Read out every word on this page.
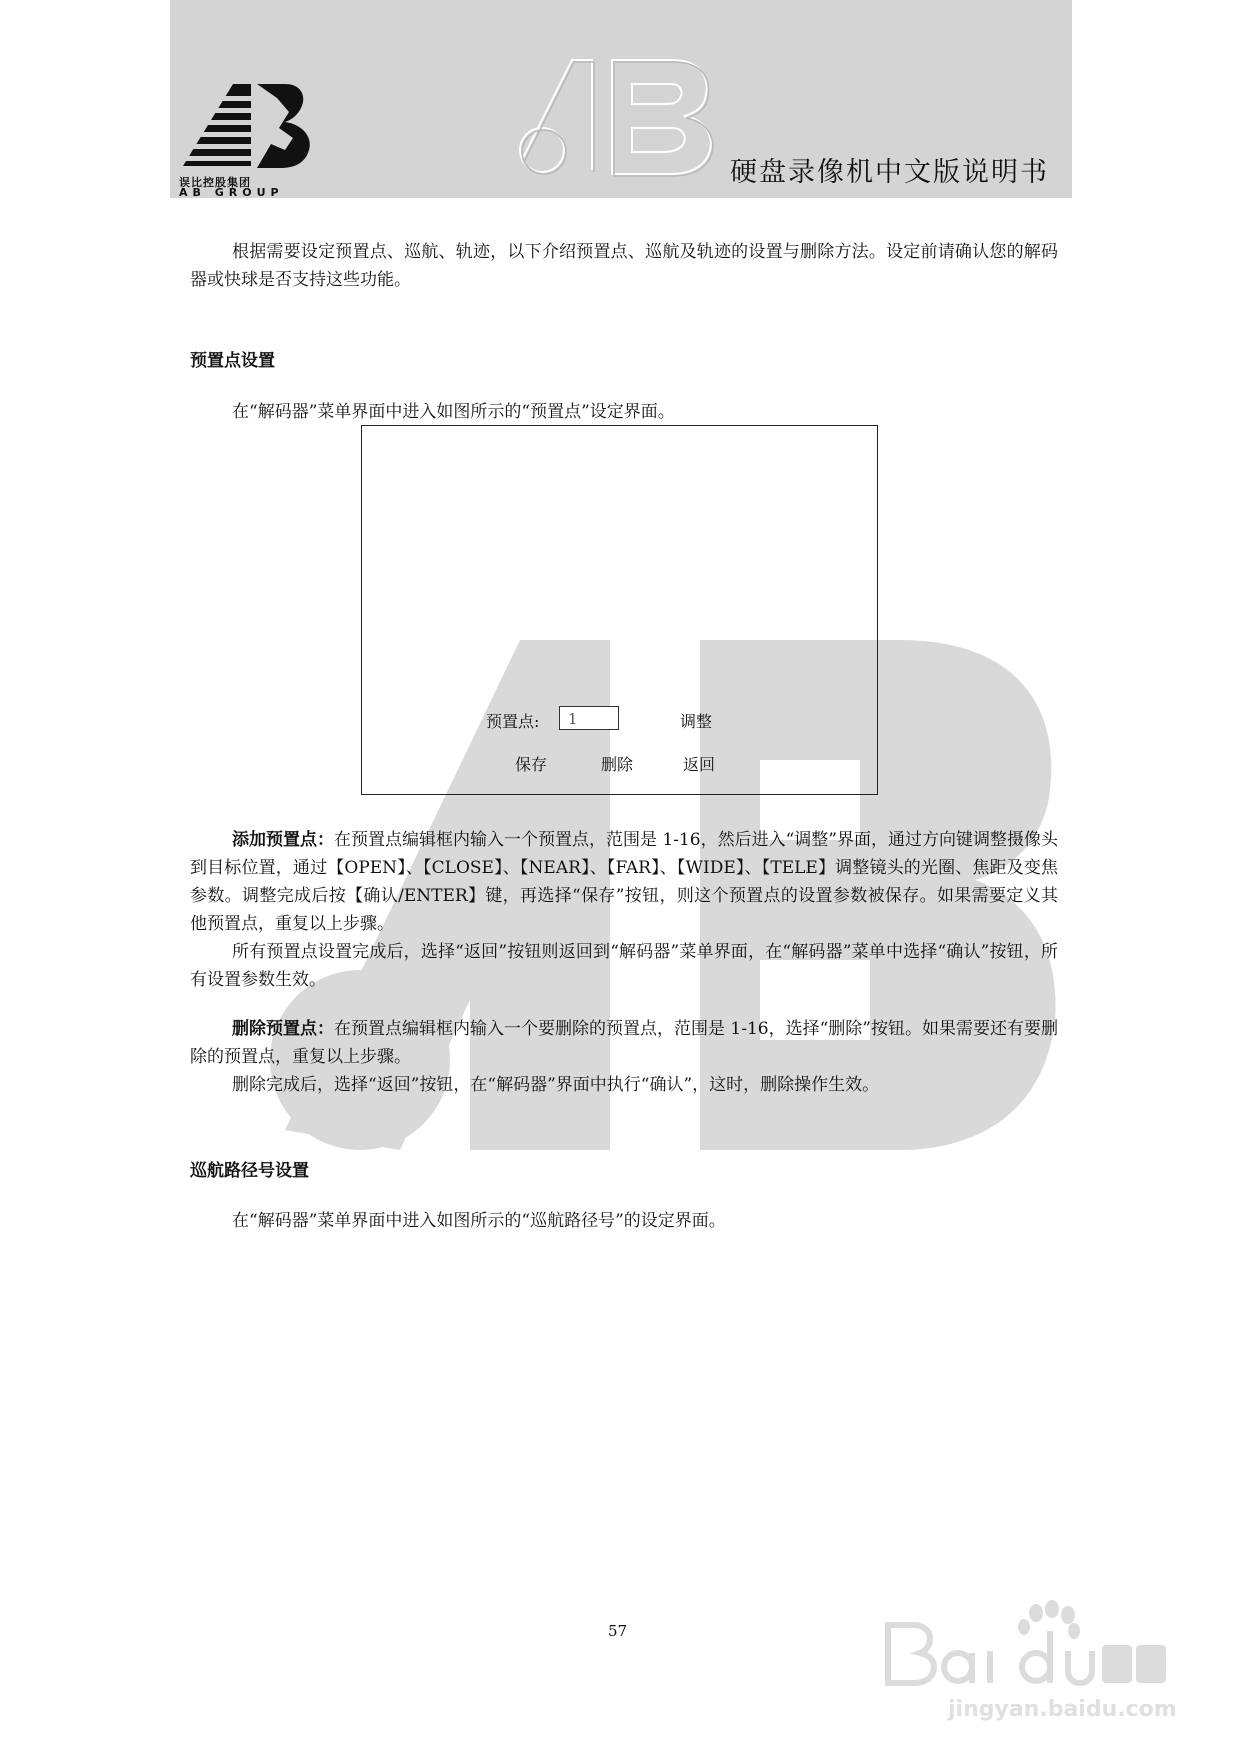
误比控股集团
AB GROUP
硬盘录像机中文版说明书

根据需要设定预置点、巡航、轨迹，以下介绍预置点、巡航及轨迹的设置与删除方法。设定前请确认您的解码器或快球是否支持这些功能。

预置点设置

在“解码器”菜单界面中进入如图所示的“预置点”设定界面。

预置点:	1	调整
保存	删除	返回

添加预置点：在预置点编辑框内输入一个预置点，范围是 1-16，然后进入“调整”界面，通过方向键调整摄像头到目标位置，通过【OPEN】、【CLOSE】、【NEAR】、【FAR】、【WIDE】、【TELE】调整镜头的光圈、焦距及变焦参数。调整完成后按【确认/ENTER】键，再选择“保存”按钮，则这个预置点的设置参数被保存。如果需要定义其他预置点，重复以上步骤。

所有预置点设置完成后，选择“返回”按钮则返回到“解码器”菜单界面，在“解码器”菜单中选择“确认”按钮，所有设置参数生效。

删除预置点：在预置点编辑框内输入一个要删除的预置点，范围是 1-16，选择“删除”按钮。如果需要还有要删除的预置点，重复以上步骤。

删除完成后，选择“返回”按钮，在“解码器”界面中执行“确认”，这时，删除操作生效。

巡航路径号设置

在“解码器”菜单界面中进入如图所示的“巡航路径号”的设定界面。

57
jingyan.baidu.com
